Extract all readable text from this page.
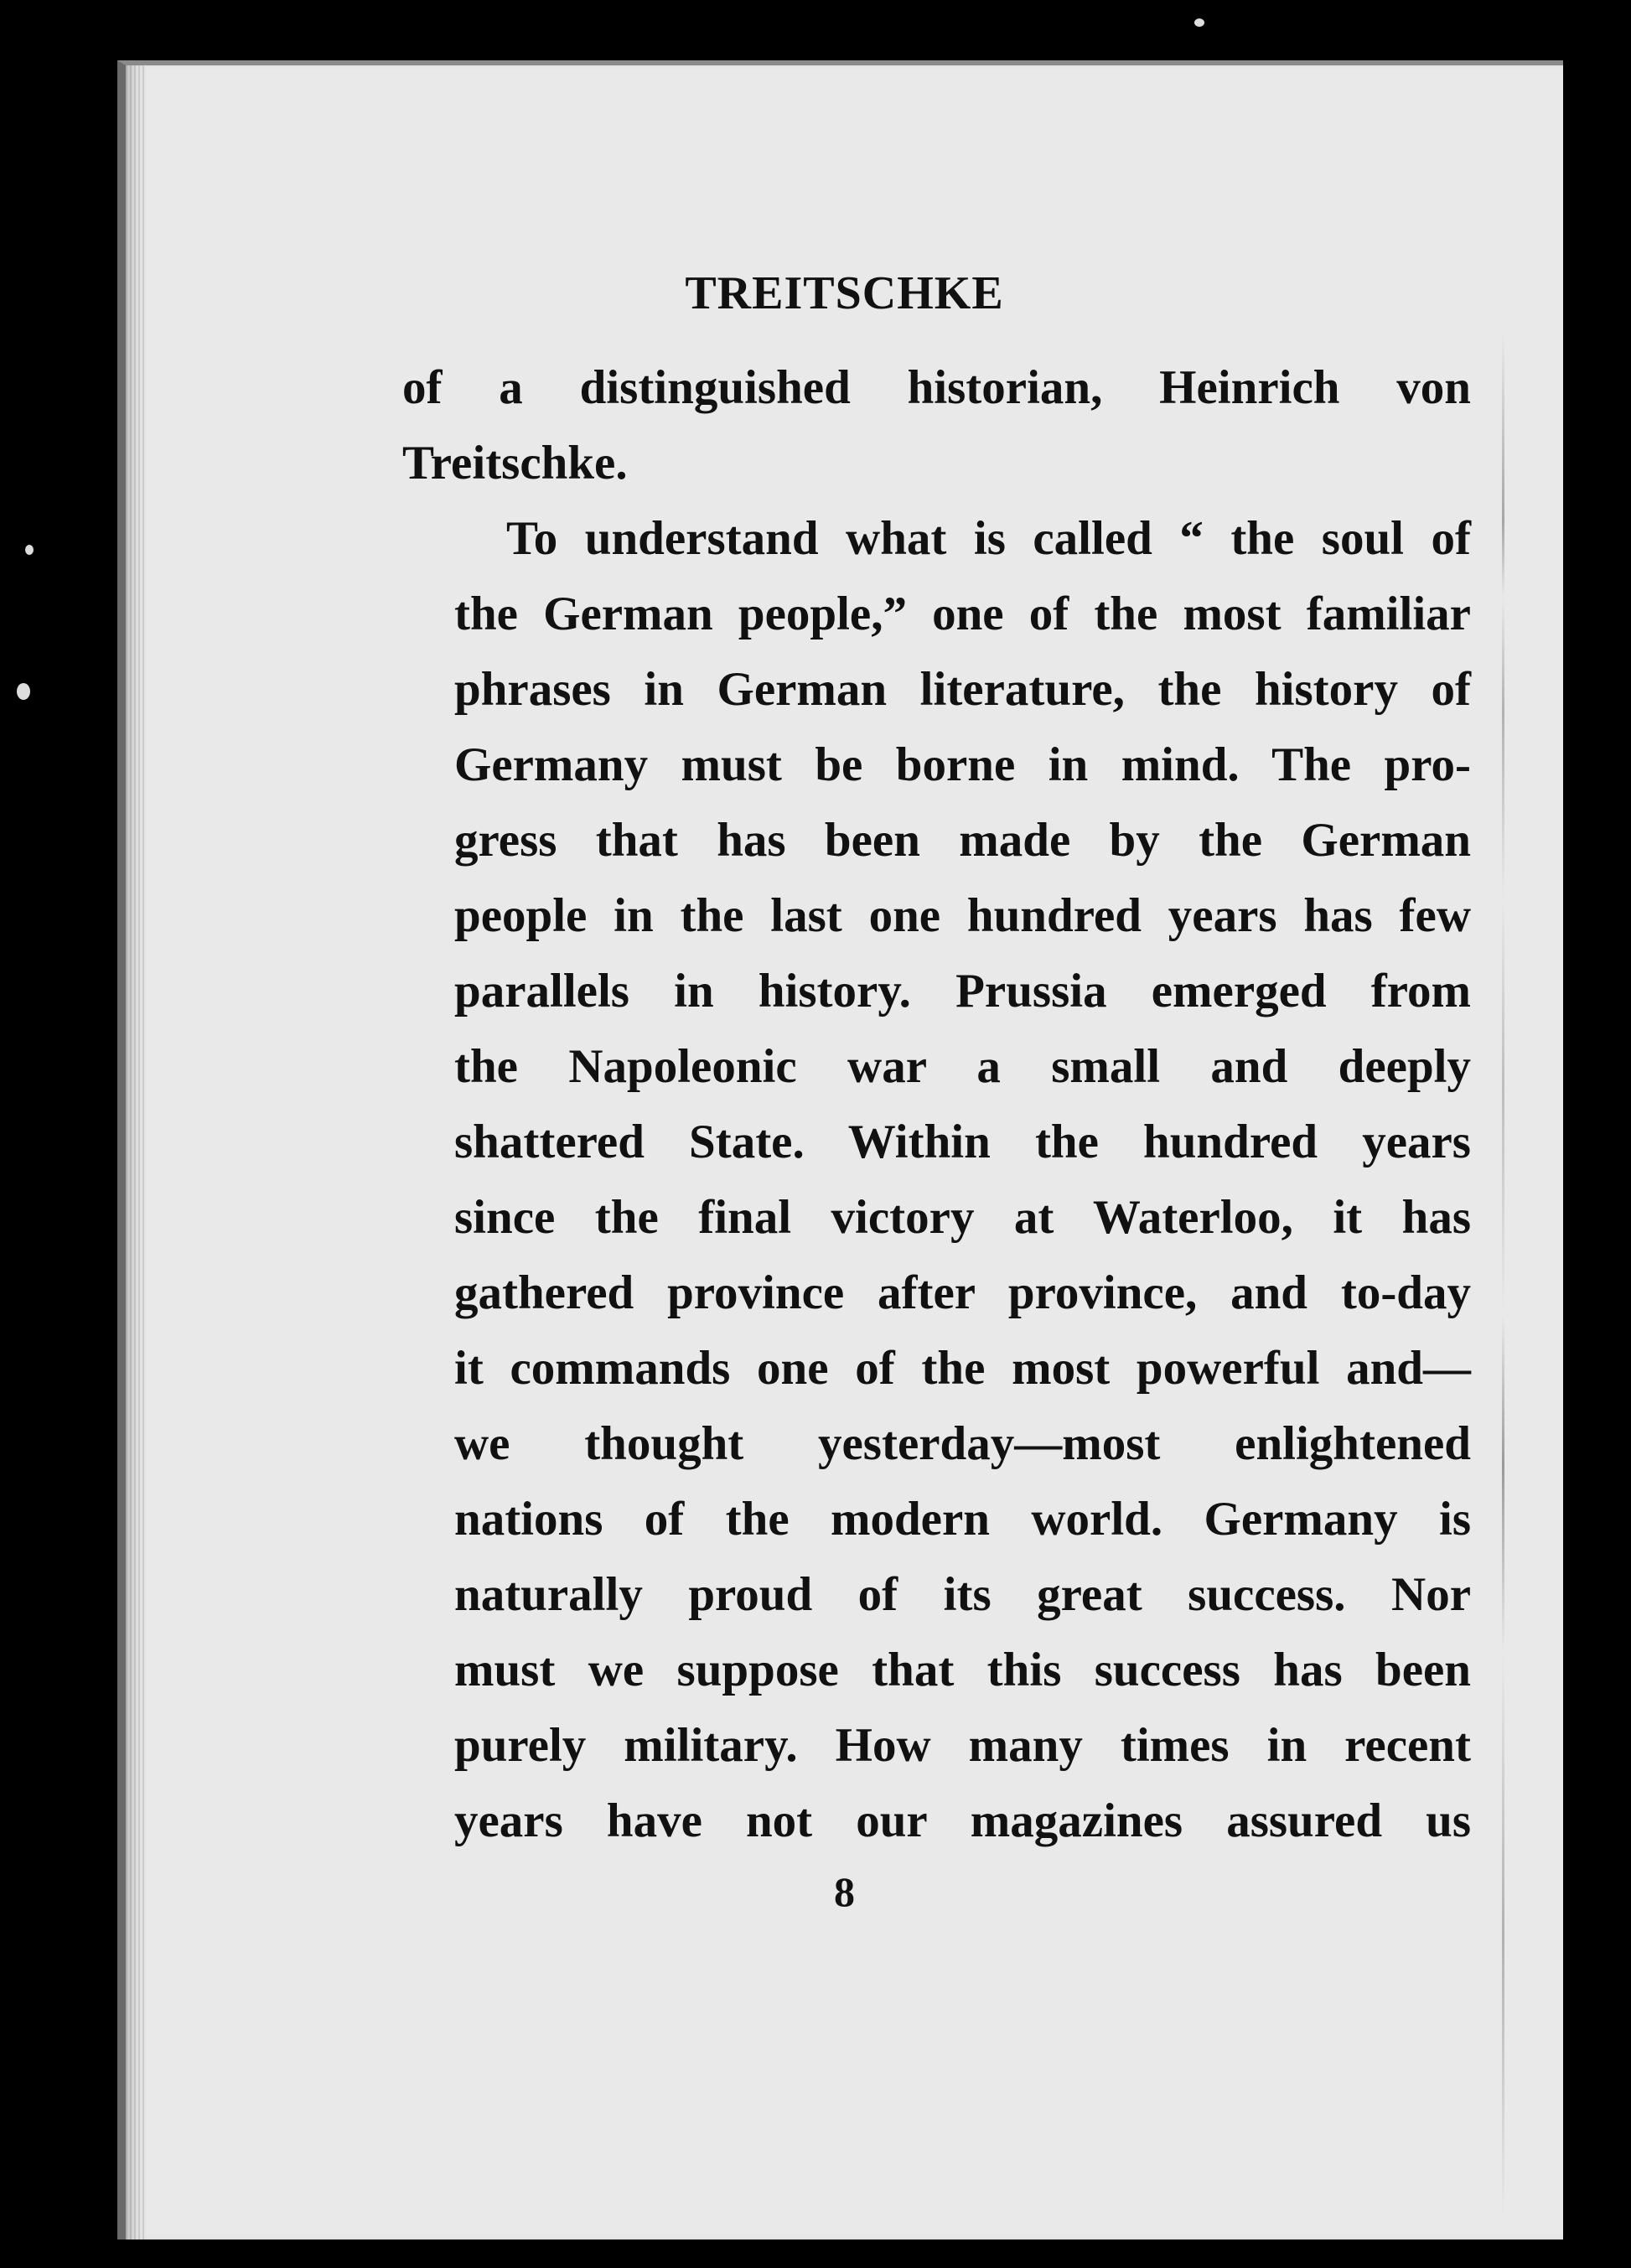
TREITSCHKE

of a distinguished historian, Heinrich von
Treitschke.

To understand what is called “ the soul of
the German people,” one of the most familiar
phrases in German literature, the history of
Germany must be borne in mind. The pro-
gress that has been made by the German
people in the last one hundred years has few
parallels in history. Prussia emerged from
the Napoleonic war a small and deeply
shattered State. Within the hundred years
since the final victory at Waterloo, it has
gathered province after province, and to-day
it commands one of the most powerful and—
we thought yesterday—most enlightened
nations of the modern world. Germany is
naturally proud of its great success. Nor
must we suppose that this success has been
purely military. How many times in recent
years have not our magazines assured us

8
